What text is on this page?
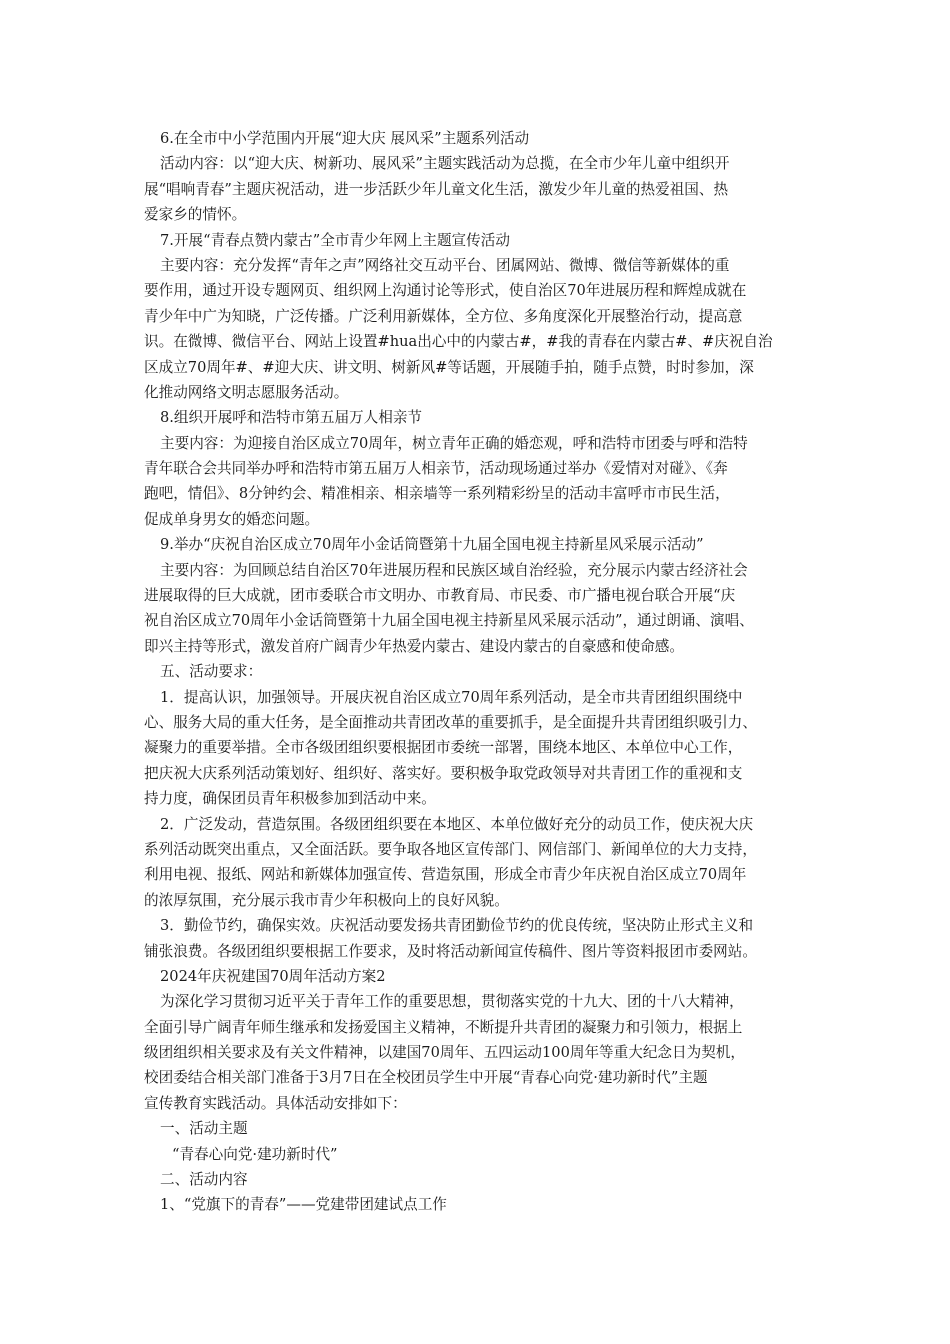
6.在全市中小学范围内开展“迎大庆 展风采”主题系列活动
活动内容：以“迎大庆、树新功、展风采”主题实践活动为总揽，在全市少年儿童中组织开
展“唱响青春”主题庆祝活动，进一步活跃少年儿童文化生活，激发少年儿童的热爱祖国、热
爱家乡的情怀。
7.开展“青春点赞内蒙古”全市青少年网上主题宣传活动
主要内容：充分发挥“青年之声”网络社交互动平台、团属网站、微博、微信等新媒体的重
要作用，通过开设专题网页、组织网上沟通讨论等形式，使自治区70年进展历程和辉煌成就在
青少年中广为知晓，广泛传播。广泛利用新媒体，全方位、多角度深化开展整治行动，提高意
识。在微博、微信平台、网站上设置#hua出心中的内蒙古#，#我的青春在内蒙古#、#庆祝自治
区成立70周年#、#迎大庆、讲文明、树新风#等话题，开展随手拍，随手点赞，时时参加，深
化推动网络文明志愿服务活动。
8.组织开展呼和浩特市第五届万人相亲节
主要内容：为迎接自治区成立70周年，树立青年正确的婚恋观，呼和浩特市团委与呼和浩特
青年联合会共同举办呼和浩特市第五届万人相亲节，活动现场通过举办《爱情对对碰》、《奔
跑吧，情侣》、8分钟约会、精准相亲、相亲墙等一系列精彩纷呈的活动丰富呼市市民生活，
促成单身男女的婚恋问题。
9.举办“庆祝自治区成立70周年小金话筒暨第十九届全国电视主持新星风采展示活动”
主要内容：为回顾总结自治区70年进展历程和民族区域自治经验，充分展示内蒙古经济社会
进展取得的巨大成就，团市委联合市文明办、市教育局、市民委、市广播电视台联合开展“庆
祝自治区成立70周年小金话筒暨第十九届全国电视主持新星风采展示活动”，通过朗诵、演唱、
即兴主持等形式，激发首府广阔青少年热爱内蒙古、建设内蒙古的自豪感和使命感。
五、活动要求：
1．提高认识，加强领导。开展庆祝自治区成立70周年系列活动，是全市共青团组织围绕中
心、服务大局的重大任务，是全面推动共青团改革的重要抓手，是全面提升共青团组织吸引力、
凝聚力的重要举措。全市各级团组织要根据团市委统一部署，围绕本地区、本单位中心工作，
把庆祝大庆系列活动策划好、组织好、落实好。要积极争取党政领导对共青团工作的重视和支
持力度，确保团员青年积极参加到活动中来。
2．广泛发动，营造氛围。各级团组织要在本地区、本单位做好充分的动员工作，使庆祝大庆
系列活动既突出重点，又全面活跃。要争取各地区宣传部门、网信部门、新闻单位的大力支持，
利用电视、报纸、网站和新媒体加强宣传、营造氛围，形成全市青少年庆祝自治区成立70周年
的浓厚氛围，充分展示我市青少年积极向上的良好风貌。
3．勤俭节约，确保实效。庆祝活动要发扬共青团勤俭节约的优良传统，坚决防止形式主义和
铺张浪费。各级团组织要根据工作要求，及时将活动新闻宣传稿件、图片等资料报团市委网站。
2024年庆祝建国70周年活动方案2
为深化学习贯彻习近平关于青年工作的重要思想，贯彻落实党的十九大、团的十八大精神，
全面引导广阔青年师生继承和发扬爱国主义精神，不断提升共青团的凝聚力和引领力，根据上
级团组织相关要求及有关文件精神，以建国70周年、五四运动100周年等重大纪念日为契机，
校团委结合相关部门准备于3月7日在全校团员学生中开展“青春心向党·建功新时代”主题
宣传教育实践活动。具体活动安排如下：
一、活动主题
“青春心向党·建功新时代”
二、活动内容
1、“党旗下的青春”——党建带团建试点工作
